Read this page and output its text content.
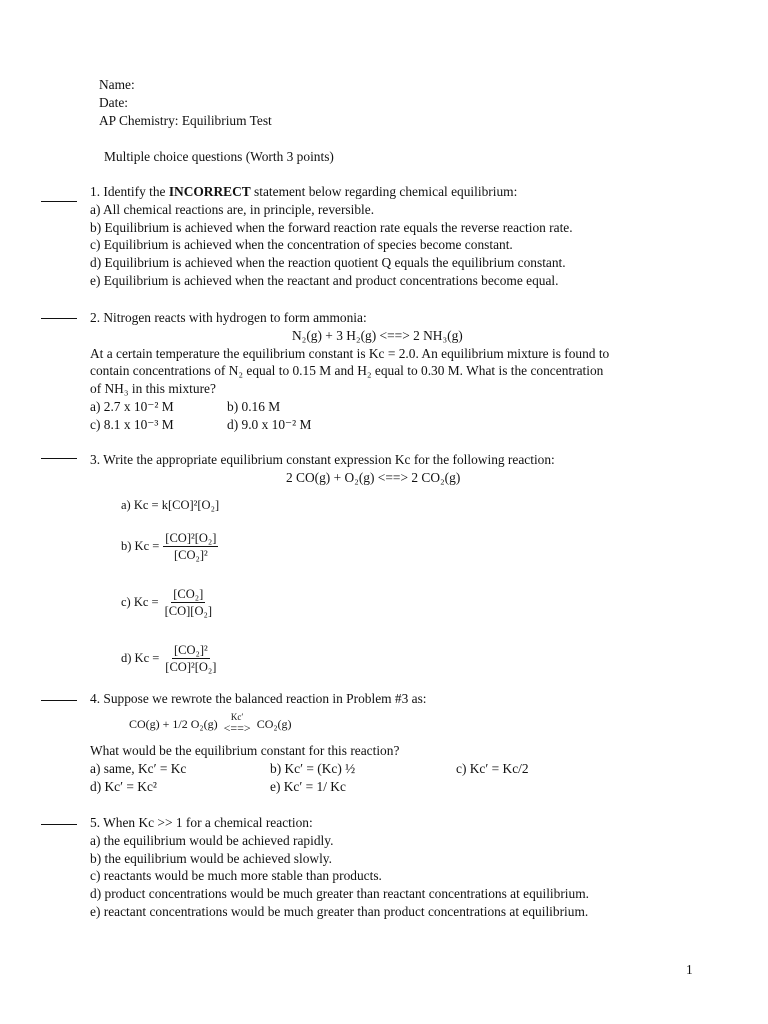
Name:
Date:
AP Chemistry: Equilibrium Test
Multiple choice questions (Worth 3 points)
1. Identify the INCORRECT statement below regarding chemical equilibrium:
a) All chemical reactions are, in principle, reversible.
b) Equilibrium is achieved when the forward reaction rate equals the reverse reaction rate.
c) Equilibrium is achieved when the concentration of species become constant.
d) Equilibrium is achieved when the reaction quotient Q equals the equilibrium constant.
e) Equilibrium is achieved when the reactant and product concentrations become equal.
2. Nitrogen reacts with hydrogen to form ammonia:
N₂(g) + 3 H₂(g) <==> 2 NH₃(g)
At a certain temperature the equilibrium constant is Kc = 2.0. An equilibrium mixture is found to
contain concentrations of N₂ equal to 0.15 M and H₂ equal to 0.30 M. What is the concentration
of NH₃ in this mixture?
a) 2.7 x 10⁻² M	b) 0.16 M
c) 8.1 x 10⁻³ M	d) 9.0 x 10⁻² M
3. Write the appropriate equilibrium constant expression Kc for the following reaction:
2 CO(g) + O₂(g) <==> 2 CO₂(g)
a) Kc = k[CO]²[O₂]
b) $Kc = \frac{\text{[CO]²[O₂]}}{\text{[CO₂]²}}$
c) $Kc = \frac{\text{[CO₂]}}{\text{[CO][O₂]}}$
d) $Kc = \frac{\text{[CO₂]²}}{\text{[CO]²[O₂]}}$
4. Suppose we rewrote the balanced reaction in Problem #3 as:
CO(g) + 1/2 O₂(g)
Kc′
<==> CO₂(g)
What would be the equilibrium constant for this reaction?
a) same, Kc′ = Kc	b) Kc′ = (Kc) ½	c) Kc′ = Kc/2
d) Kc′ = Kc²	e) Kc′ = 1/ Kc
5. When Kc >> 1 for a chemical reaction:
a) the equilibrium would be achieved rapidly.
b) the equilibrium would be achieved slowly.
c) reactants would be much more stable than products.
d) product concentrations would be much greater than reactant concentrations at equilibrium.
e) reactant concentrations would be much greater than product concentrations at equilibrium.
1
